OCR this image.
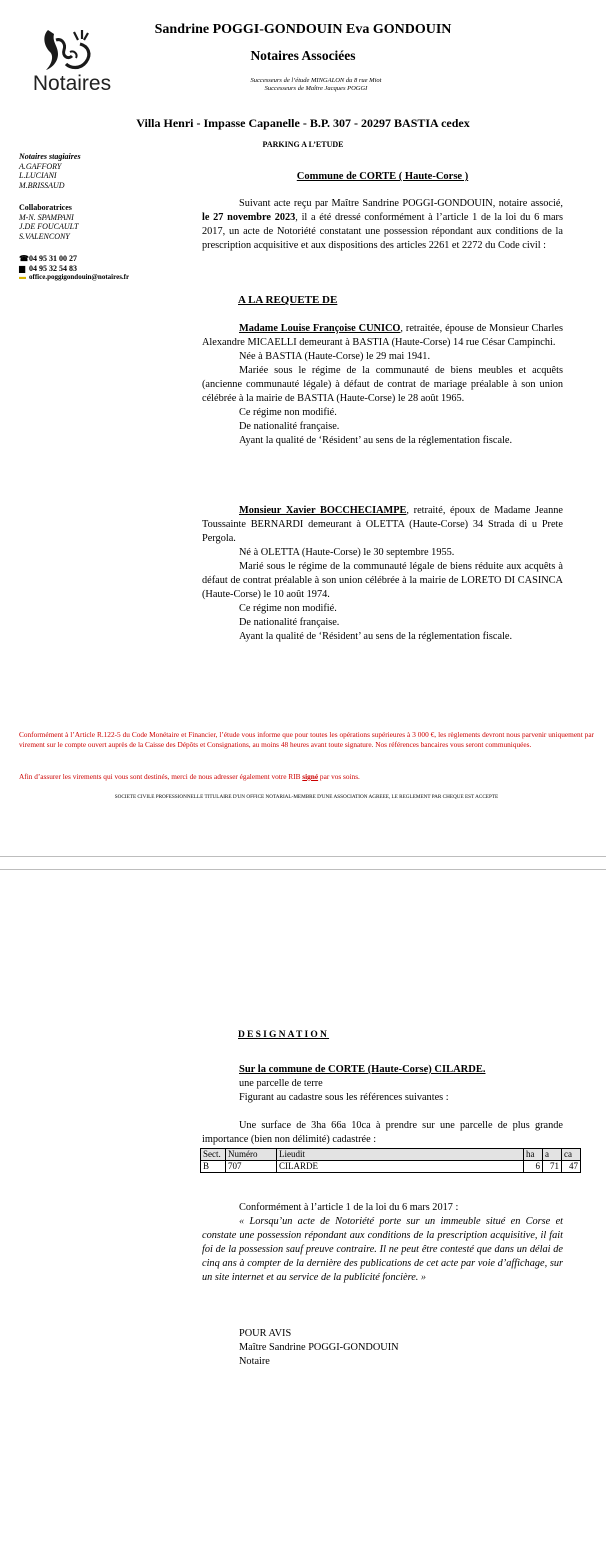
Notaires
Sandrine POGGI-GONDOUIN Eva GONDOUIN
Notaires Associées
Successeurs de l’étude MINGALON du 8 rue Miot
Successeurs de Maître Jacques POGGI
Villa Henri - Impasse Capanelle - B.P. 307 - 20297 BASTIA cedex
PARKING A L’ETUDE
Notaires stagiaires
A.GAFFORY
L.LUCIANI
M.BRISSAUD
Collaboratrices
M-N. SPAMPANI
J.DE FOUCAULT
S.VALENCONY
☎04 95 31 00 27
▆ 04 95 32 54 83
▬ office.poggigondouin@notaires.fr
Commune de CORTE ( Haute-Corse )

Suivant acte reçu par Maître Sandrine POGGI-GONDOUIN, notaire associé, le 27 novembre 2023, il a été dressé conformément à l’article 1 de la loi du 6 mars 2017, un acte de Notoriété constatant une possession répondant aux conditions de la prescription acquisitive et aux dispositions des articles 2261 et 2272 du Code civil :

A LA REQUETE DE

Madame Louise Françoise CUNICO, retraitée, épouse de Monsieur Charles Alexandre MICAELLI demeurant à BASTIA (Haute-Corse) 14 rue César Campinchi.

Née à BASTIA (Haute-Corse) le 29 mai 1941.

Mariée sous le régime de la communauté de biens meubles et acquêts (ancienne communauté légale) à défaut de contrat de mariage préalable à son union célébrée à la mairie de BASTIA (Haute-Corse) le 28 août 1965.

Ce régime non modifié.

De nationalité française.

Ayant la qualité de ‘Résident’ au sens de la réglementation fiscale.

Monsieur Xavier BOCCHECIAMPE, retraité, époux de Madame Jeanne Toussainte BERNARDI demeurant à OLETTA (Haute-Corse) 34 Strada di u Prete Pergola.

Né à OLETTA (Haute-Corse) le 30 septembre 1955.

Marié sous le régime de la communauté légale de biens réduite aux acquêts à défaut de contrat préalable à son union célébrée à la mairie de LORETO DI CASINCA (Haute-Corse) le 10 août 1974.

Ce régime non modifié.

De nationalité française.

Ayant la qualité de ‘Résident’ au sens de la réglementation fiscale.

Conformément à l’Article R.122-5 du Code Monétaire et Financier, l’étude vous informe que pour toutes les opérations supérieures à 3 000 €, les règlements devront nous parvenir uniquement par virement sur le compte ouvert auprès de la Caisse des Dépôts et Consignations, au moins 48 heures avant toute signature. Nos références bancaires vous seront communiquées.
Afin d’assurer les virements qui vous sont destinés, merci de nous adresser également votre RIB signé par vos soins.
SOCIETE CIVILE PROFESSIONNELLE TITULAIRE D'UN OFFICE NOTARIAL-MEMBRE D'UNE ASSOCIATION AGREEE, LE REGLEMENT PAR CHEQUE EST ACCEPTE
DESIGNATION

Sur la commune de CORTE (Haute-Corse) CILARDE.

une parcelle de terre

Figurant au cadastre sous les références suivantes :

Une surface de 3ha 66a 10ca à prendre sur une parcelle de plus grande importance (bien non délimité) cadastrée :

Sect.	Numéro	Lieudit	ha	a	ca
B	707	CILARDE	6	71	47

Conformément à l’article 1 de la loi du 6 mars 2017 :

« Lorsqu’un acte de Notoriété porte sur un immeuble situé en Corse et constate une possession répondant aux conditions de la prescription acquisitive, il fait foi de la possession sauf preuve contraire. Il ne peut être contesté que dans un délai de cinq ans à compter de la dernière des publications de cet acte par voie d’affichage, sur un site internet et au service de la publicité foncière. »

POUR AVIS

Maître Sandrine POGGI-GONDOUIN

Notaire
